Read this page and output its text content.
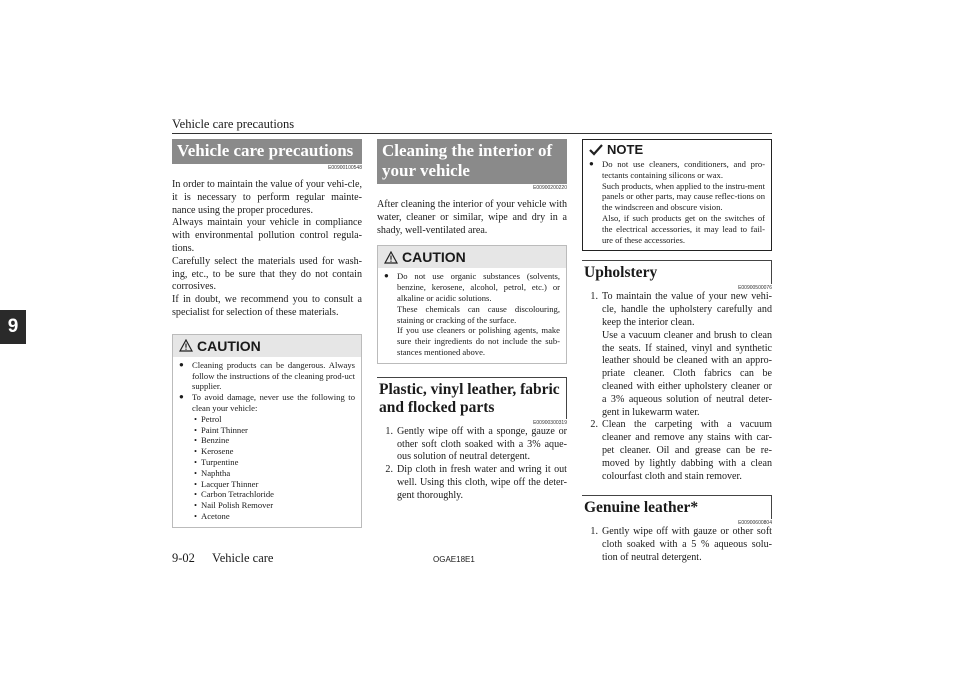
Vehicle care precautions
9
Vehicle care precautions
E00900100548

In order to maintain the value of your vehi-cle, it is necessary to perform regular mainte-nance using the proper procedures.

Always maintain your vehicle in compliance with environmental pollution control regula-tions.

Carefully select the materials used for wash-ing, etc., to be sure that they do not contain corrosives.

If in doubt, we recommend you to consult a specialist for selection of these materials.

CAUTION
● Cleaning products can be dangerous. Always follow the instructions of the cleaning prod-uct supplier.
● To avoid damage, never use the following to clean your vehicle:
• Petrol
• Paint Thinner
• Benzine
• Kerosene
• Turpentine
• Naphtha
• Lacquer Thinner
• Carbon Tetrachloride
• Nail Polish Remover
• Acetone
Cleaning the interior of your vehicle
E00900200220
After cleaning the interior of your vehicle with water, cleaner or similar, wipe and dry in a shady, well-ventilated area.
CAUTION
● Do not use organic substances (solvents, benzine, kerosene, alcohol, petrol, etc.) or alkaline or acidic solutions.
These chemicals can cause discolouring, staining or cracking of the surface.
If you use cleaners or polishing agents, make sure their ingredients do not include the sub-stances mentioned above.
Plastic, vinyl leather, fabric and flocked parts
E00900300319
1. Gently wipe off with a sponge, gauze or other soft cloth soaked with a 3% aque-ous solution of neutral detergent.
2. Dip cloth in fresh water and wring it out well. Using this cloth, wipe off the deter-gent thoroughly.
NOTE
● Do not use cleaners, conditioners, and pro-tectants containing silicons or wax.
Such products, when applied to the instru-ment panels or other parts, may cause reflec-tions on the windscreen and obscure vision.
Also, if such products get on the switches of the electrical accessories, it may lead to fail-ure of these accessories.
Upholstery
E00900500076
1. To maintain the value of your new vehi-cle, handle the upholstery carefully and keep the interior clean.
Use a vacuum cleaner and brush to clean the seats. If stained, vinyl and synthetic leather should be cleaned with an appro-priate cleaner. Cloth fabrics can be cleaned with either upholstery cleaner or a 3% aqueous solution of neutral deter-gent in lukewarm water.
2. Clean the carpeting with a vacuum cleaner and remove any stains with car-pet cleaner. Oil and grease can be re-moved by lightly dabbing with a clean colourfast cloth and stain remover.
Genuine leather*
E00900600804
1. Gently wipe off with gauze or other soft cloth soaked with a 5 % aqueous solu-tion of neutral detergent.
9-02 Vehicle care	OGAE18E1
